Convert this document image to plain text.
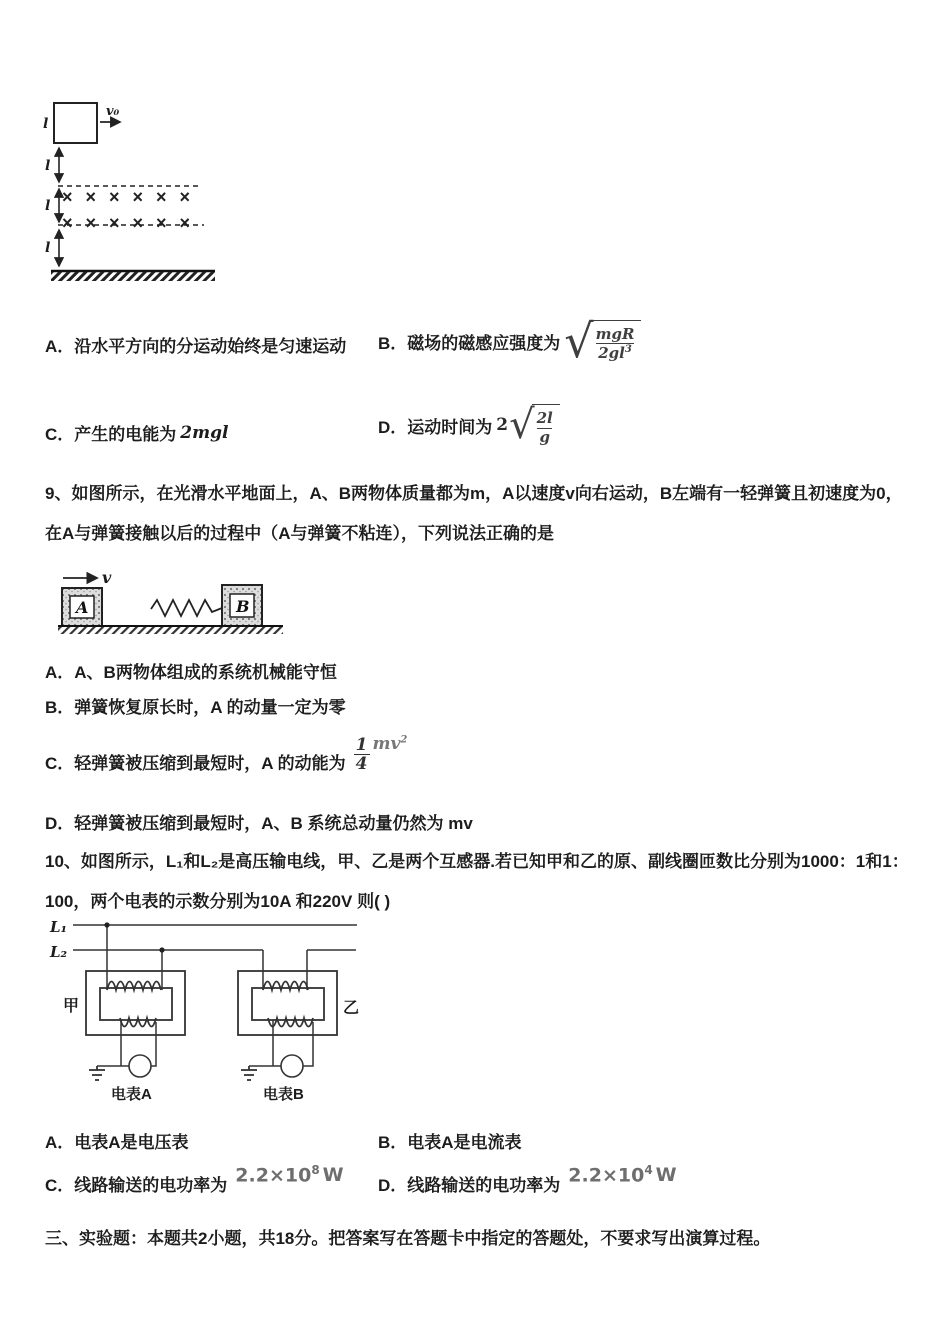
l
v₀
l
l
l
××××××
××××××
A． 沿水平方向的分运动始终是匀速运动 B． 磁场的磁感应强度为 $\frac{\text{mgR}}{2gl^3}$
C． 产生的电能为 2mgl	D． 运动时间为 $2 \frac{2l}{g}$
9、如图所示，在光滑水平地面上，A、B两物体质量都为m，A以速度v向右运动，B左端有一轻弹簧且初速度为0，
在A与弹簧接触以后的过程中（A与弹簧不粘连），下列说法正确的是
v
A	B
A． A、B两物体组成的系统机械能守恒
B． 弹簧恢复原长时，A 的动量一定为零
C． 轻弹簧被压缩到最短时，A 的动能为 $\frac{1}{4} mv^2$
D． 轻弹簧被压缩到最短时，A、B 系统总动量仍然为 mv
10、如图所示，L₁和L₂是高压输电线，甲、乙是两个互感器.若已知甲和乙的原、副线圈匝数比分别为1000：1和1：
100，两个电表的示数分别为10A 和220V 则( )
甲
电表A
乙
电表B
L₁
L₂
A． 电表A是电压表	B． 电表A是电流表
C． 线路输送的电功率为 $2.2\times 10^8$ W D． 线路输送的电功率为 $2.2\times 10^4$ W
三、实验题：本题共2小题，共18分。把答案写在答题卡中指定的答题处，不要求写出演算过程。
